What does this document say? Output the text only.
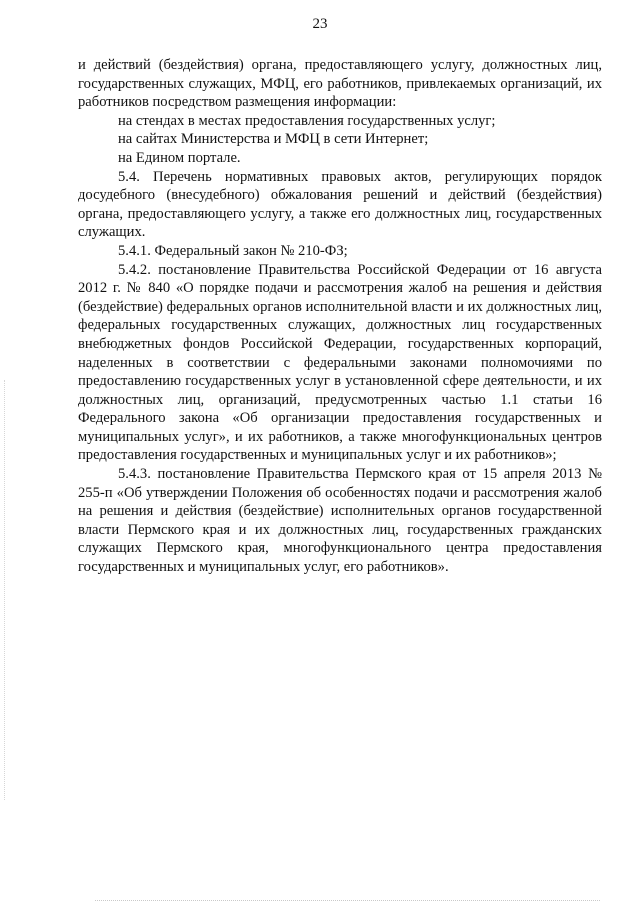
23

и действий (бездействия) органа, предоставляющего услугу, должностных лиц, государственных служащих, МФЦ, его работников, привлекаемых организаций, их работников посредством размещения информации:

на стендах в местах предоставления государственных услуг;

на сайтах Министерства и МФЦ в сети Интернет;

на Едином портале.

5.4. Перечень нормативных правовых актов, регулирующих порядок досудебного (внесудебного) обжалования решений и действий (бездействия) органа, предоставляющего услугу, а также его должностных лиц, государственных служащих.

5.4.1. Федеральный закон № 210-ФЗ;

5.4.2. постановление Правительства Российской Федерации от 16 августа 2012 г. № 840 «О порядке подачи и рассмотрения жалоб на решения и действия (бездействие) федеральных органов исполнительной власти и их должностных лиц, федеральных государственных служащих, должностных лиц государственных внебюджетных фондов Российской Федерации, государственных корпораций, наделенных в соответствии с федеральными законами полномочиями по предоставлению государственных услуг в установленной сфере деятельности, и их должностных лиц, организаций, предусмотренных частью 1.1 статьи 16 Федерального закона «Об организации предоставления государственных и муниципальных услуг», и их работников, а также многофункциональных центров предоставления государственных и муниципальных услуг и их работников»;

5.4.3. постановление Правительства Пермского края от 15 апреля 2013 № 255-п «Об утверждении Положения об особенностях подачи и рассмотрения жалоб на решения и действия (бездействие) исполнительных органов государственной власти Пермского края и их должностных лиц, государственных гражданских служащих Пермского края, многофункционального центра предоставления государственных и муниципальных услуг, его работников».
